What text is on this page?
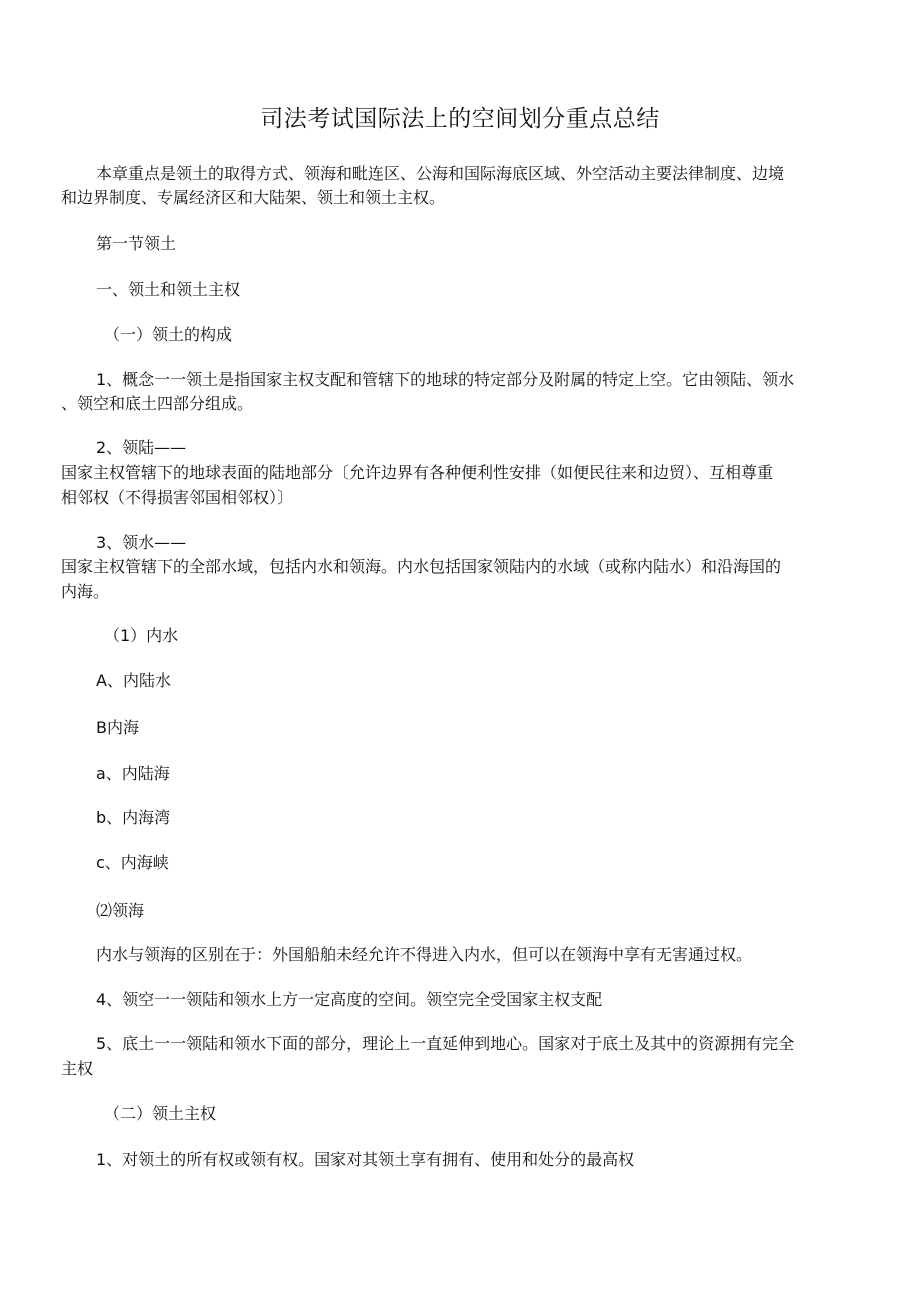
司法考试国际法上的空间划分重点总结
本章重点是领土的取得方式、领海和毗连区、公海和国际海底区域、外空活动主要法律制度、边境
和边界制度、专属经济区和大陆架、领土和领土主权。
第一节领土
一、领土和领土主权
（一）领土的构成
1、概念一一领土是指国家主权支配和管辖下的地球的特定部分及附属的特定上空。它由领陆、领水
、领空和底土四部分组成。
2、领陆——
国家主权管辖下的地球表面的陆地部分〔允许边界有各种便利性安排（如便民往来和边贸）、互相尊重
相邻权（不得损害邻国相邻权）〕
3、领水——
国家主权管辖下的全部水域，包括内水和领海。内水包括国家领陆内的水域（或称内陆水）和沿海国的
内海。
（1）内水
A、内陆水
B内海
a、内陆海
b、内海湾
c、内海峡
⑵领海
内水与领海的区别在于：外国船舶未经允许不得进入内水，但可以在领海中享有无害通过权。
4、领空一一领陆和领水上方一定高度的空间。领空完全受国家主权支配
5、底土一一领陆和领水下面的部分，理论上一直延伸到地心。国家对于底土及其中的资源拥有完全
主权
（二）领土主权
1、对领土的所有权或领有权。国家对其领土享有拥有、使用和处分的最高权
